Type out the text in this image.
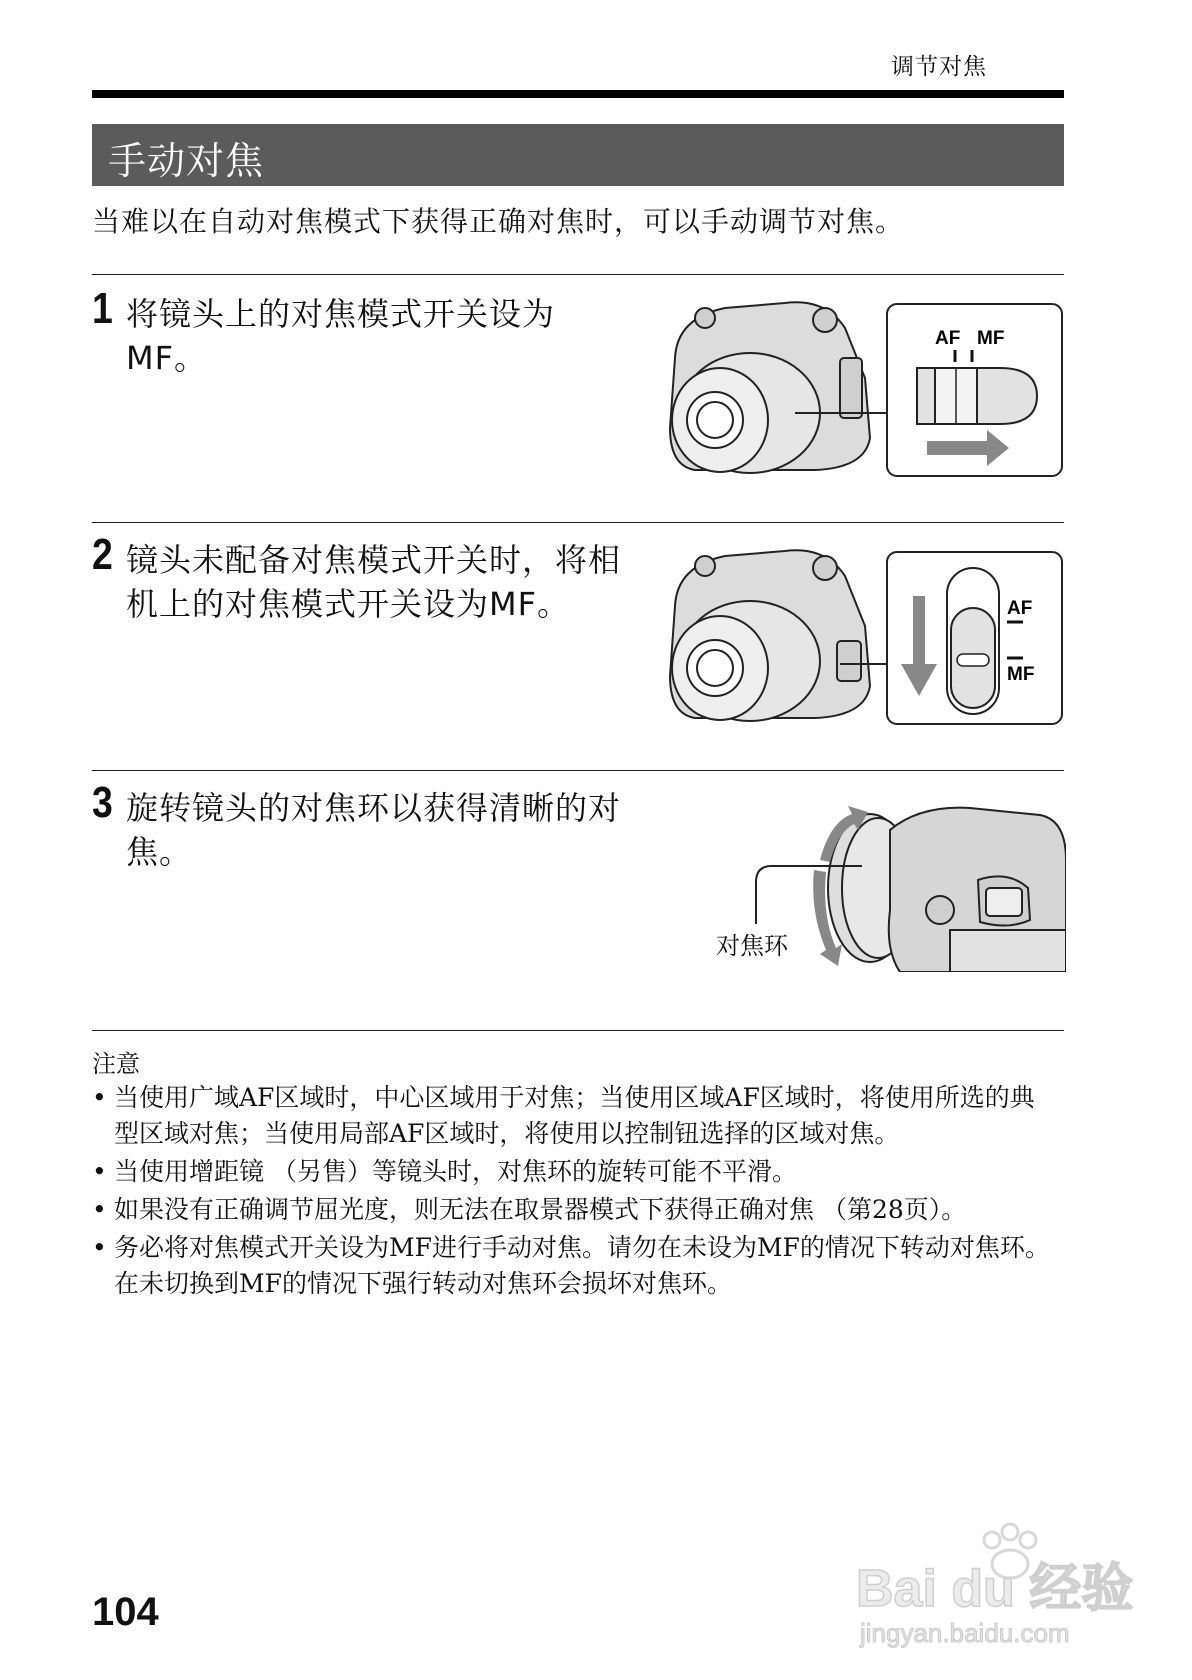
调节对焦
手动对焦
当难以在自动对焦模式下获得正确对焦时，可以手动调节对焦。
1 将镜头上的对焦模式开关设为MF。
AF MF
2 镜头未配备对焦模式开关时，将相机上的对焦模式开关设为MF。	AF
MF
3 旋转镜头的对焦环以获得清晰的对焦。
对焦环
注意
• 当使用广域AF区域时，中心区域用于对焦；当使用区域AF区域时，将使用所选的典型区域对焦；当使用局部AF区域时，将使用以控制钮选择的区域对焦。
• 当使用增距镜 （另售）等镜头时，对焦环的旋转可能不平滑。
• 如果没有正确调节屈光度，则无法在取景器模式下获得正确对焦 （第28页）。
• 务必将对焦模式开关设为MF进行手动对焦。请勿在未设为MF的情况下转动对焦环。在未切换到MF的情况下强行转动对焦环会损坏对焦环。
104	Bai du 经验
jingyan.baidu.com
